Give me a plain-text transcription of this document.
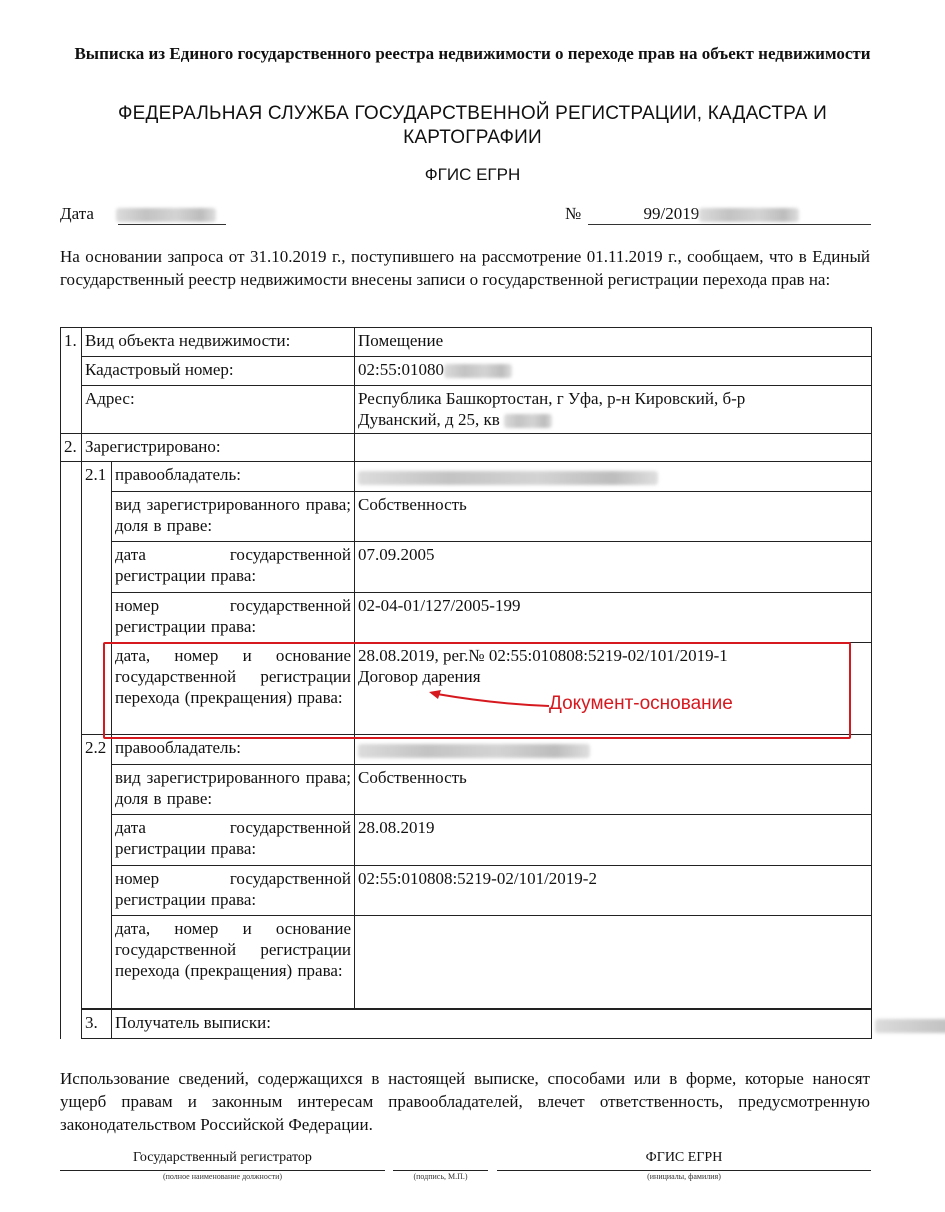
Выписка из Единого государственного реестра недвижимости о переходе прав на объект недвижимости
ФЕДЕРАЛЬНАЯ СЛУЖБА ГОСУДАРСТВЕННОЙ РЕГИСТРАЦИИ, КАДАСТРА И КАРТОГРАФИИ
ФГИС ЕГРН
Дата	№	99/2019
На основании запроса от 31.10.2019 г., поступившего на рассмотрение 01.11.2019 г., сообщаем, что в Единый государственный реестр недвижимости внесены записи о государственной регистрации перехода прав на:
1.	Вид объекта недвижимости:		Помещение	
	Кадастровый номер:		02:55:01080	
	Адрес:		Республика Башкортостан, г Уфа, р-н Кировский, б-р
Дуванский, д 25, кв	

2.	Зарегистрировано:			
	2.1	правообладатель:		
		вид зарегистрированного права; доля в праве:	Собственность	
		дата государственной регистрации права:	07.09.2005	
		номер государственной регистрации права:	02-04-01/127/2005-199	
		дата, номер и основание государственной регистрации перехода (прекращения) права:	28.08.2019, рег.№ 02:55:010808:5219-02/101/2019-1
Договор дарения	

	2.2	правообладатель:		
		вид зарегистрированного права; доля в праве:	Собственность	
		дата государственной регистрации права:	28.08.2019	
		номер государственной регистрации права:	02:55:010808:5219-02/101/2019-2	
		дата, номер и основание государственной регистрации перехода (прекращения) права:		

	3.	Получатель выписки:		
Документ-основание
Использование сведений, содержащихся в настоящей выписке, способами или в форме, которые наносят ущерб правам и законным интересам правообладателей, влечет ответственность, предусмотренную законодательством Российской Федерации.
Государственный регистратор
(полное наименование должности)	(подпись, М.П.)
ФГИС ЕГРН
(инициалы, фамилия)
